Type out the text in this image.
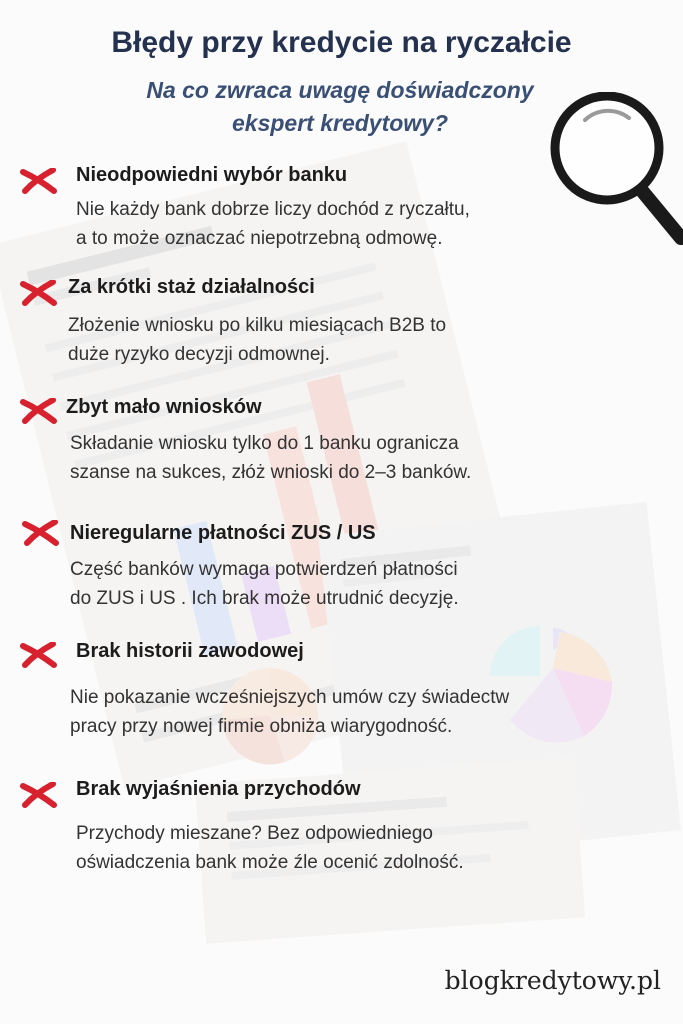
Błędy przy kredycie na ryczałcie
Na co zwraca uwagę doświadczony
ekspert kredytowy?
Nieodpowiedni wybór banku

Nie każdy bank dobrze liczy dochód z ryczałtu,

a to może oznaczać niepotrzebną odmowę.

Za krótki staż działalności

Złożenie wniosku po kilku miesiącach B2B to

duże ryzyko decyzji odmownej.

Zbyt mało wniosków

Składanie wniosku tylko do 1 banku ogranicza

szanse na sukces, złóż wnioski do 2–3 banków.

Nieregularne płatności ZUS / US

Część banków wymaga potwierdzeń płatności

do ZUS i US . Ich brak może utrudnić decyzję.

Brak historii zawodowej

Nie pokazanie wcześniejszych umów czy świadectw

pracy przy nowej firmie obniża wiarygodność.

Brak wyjaśnienia przychodów

Przychody mieszane? Bez odpowiedniego

oświadczenia bank może źle ocenić zdolność.

blogkredytowy.pl
